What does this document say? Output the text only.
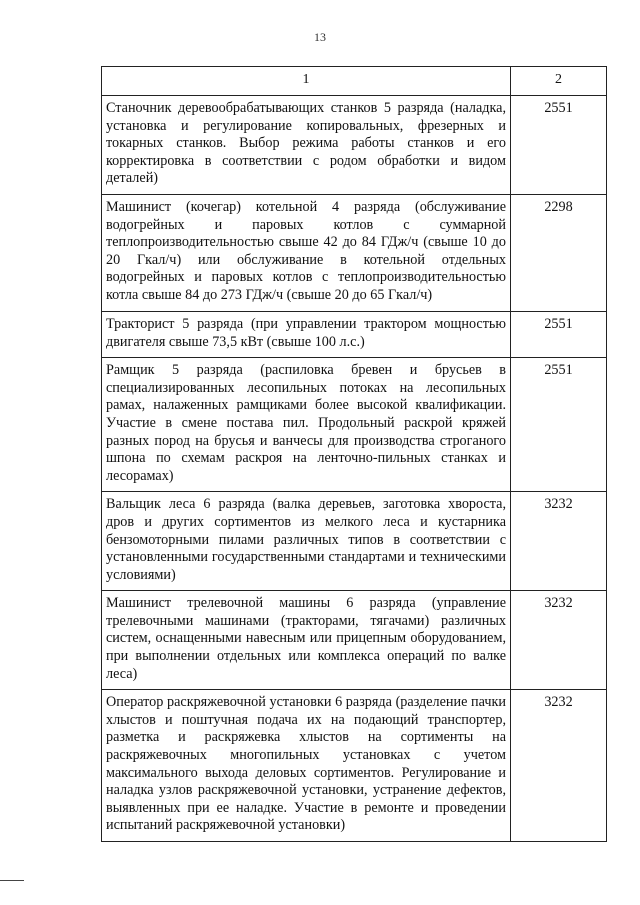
13
1	2
Станочник деревообрабатывающих станков 5 разряда (наладка, установка и регулирование копировальных, фрезерных и токарных станков. Выбор режима работы станков и его корректировка в соответствии с родом обработки и видом деталей)	2551
Машинист (кочегар) котельной 4 разряда (обслуживание водогрейных и паровых котлов с суммарной теплопроизводительностью свыше 42 до 84 ГДж/ч (свыше 10 до 20 Гкал/ч) или обслуживание в котельной отдельных водогрейных и паровых котлов с теплопроизводительностью котла свыше 84 до 273 ГДж/ч (свыше 20 до 65 Гкал/ч)	2298
Тракторист 5 разряда (при управлении трактором мощностью двигателя свыше 73,5 кВт (свыше 100 л.с.)	2551
Рамщик 5 разряда (распиловка бревен и брусьев в специализированных лесопильных потоках на лесопильных рамах, налаженных рамщиками более высокой квалификации. Участие в смене постава пил. Продольный раскрой кряжей разных пород на брусья и ванчесы для производства строганого шпона по схемам раскроя на ленточно-пильных станках и лесорамах)	2551
Вальщик леса 6 разряда (валка деревьев, заготовка хвороста, дров и других сортиментов из мелкого леса и кустарника бензомоторными пилами различных типов в соответствии с установленными государственными стандартами и техническими условиями)	3232
Машинист трелевочной машины 6 разряда (управление трелевочными машинами (тракторами, тягачами) различных систем, оснащенными навесным или прицепным оборудованием, при выполнении отдельных или комплекса операций по валке леса)	3232
Оператор раскряжевочной установки 6 разряда (разделение пачки хлыстов и поштучная подача их на подающий транспортер, разметка и раскряжевка хлыстов на сортименты на раскряжевочных многопильных установках с учетом максимального выхода деловых сортиментов. Регулирование и наладка узлов раскряжевочной установки, устранение дефектов, выявленных при ее наладке. Участие в ремонте и проведении испытаний раскряжевочной установки)	3232
